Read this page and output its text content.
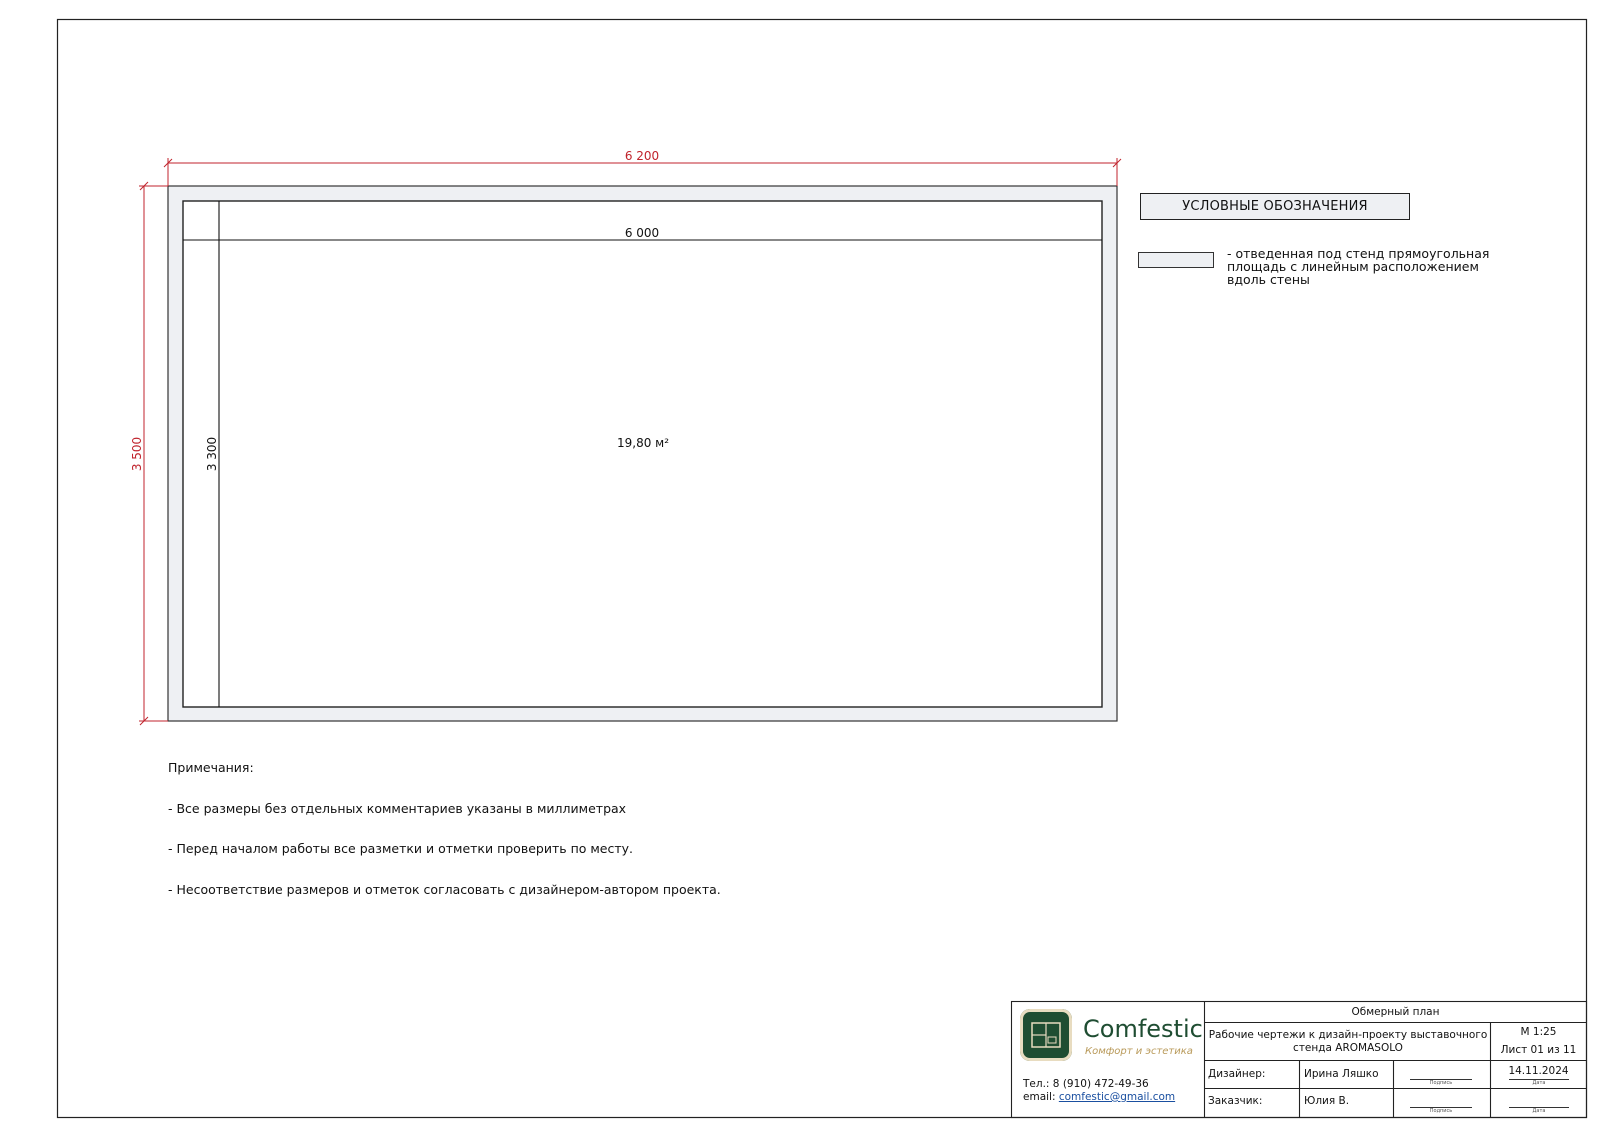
6 200
3 500
6 000
3 300	19,80 м²
УСЛОВНЫЕ ОБОЗНАЧЕНИЯ
- отведенная под стенд прямоугольная площадь с линейным расположением вдоль стены

Примечания:

- Все размеры без отдельных комментариев указаны в миллиметрах

- Перед началом работы все разметки и отметки проверить по месту.

- Несоответствие размеров и отметок согласовать с дизайнером-автором проекта.

Comfestic
Комфорт и эстетика
Тел.: 8 (910) 472-49-36
email: comfestic@gmail.com
Обмерный план
Рабочие чертежи к дизайн-проекту выставочного стенда AROMASOLO
М 1:25
Лист 01 из 11
Дизайнер:	Ирина Ляшко
Подпись
14.11.2024
Дата
Заказчик:	Юлия В.
Подпись	Дата
